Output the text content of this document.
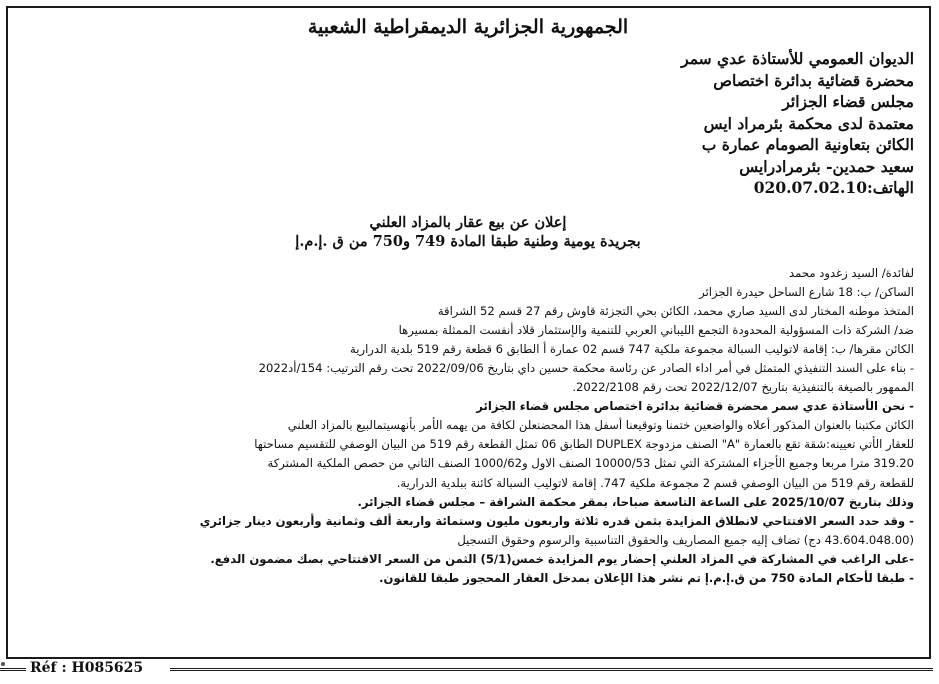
الجمهورية الجزائرية الديمقراطية الشعبية
الديوان العمومي للأستاذة عدي سمر
محضرة قضائية بدائرة اختصاص
مجلس قضاء الجزائر
معتمدة لدى محكمة بئرمراد ايس
الكائن بتعاونية الصومام عمارة ب
سعيد حمدين- بئرمرادرايس
الهاتف:020.07.02.10
إعلان عن بيع عقار بالمزاد العلني
بجريدة يومية وطنية طبقا المادة 749 و750 من ق .إ.م.إ

لفائدة/ السيد زغدود محمد

الساكن/ ب: 18 شارع الساحل حيدرة الجزائر

المتخذ موطنه المختار لدى السيد صاري محمد، الكائن بحي التجزئة قاوش رقم 27 قسم 52 الشراقة

ضد/ الشركة ذات المسؤولية المحدودة التجمع الليباني العربي للتنمية والإستثمار قلاد أنفست الممثلة بمسيرها

الكائن مقرها/ ب: إقامة لاتوليب السبالة مجموعة ملكية 747 قسم 02 عمارة أ الطابق 6 قطعة رقم 519 بلدية الدرارية

- بناء على السند التنفيذي المتمثل في أمر اداء الصادر عن رئاسة محكمة حسين داي بتاريخ 2022/09/06 تحت رقم الترتيب: 154/أد2022

الممهور بالصيغة بالتنفيذية بتاريخ 2022/12/07 تحت رقم 2022/2108.

- نحن الأستاذة عدي سمر محضرة قضائية بدائرة اختصاص مجلس قضاء الجزائر

الكائن مكتبنا بالعنوان المذكور أعلاه والواضعين ختمنا وتوقيعنا أسفل هذا المحضنعلن لكافة من يهمه الأمر بأنهسيتمالبيع بالمزاد العلني

للعقار الأتي تعيينه:شقة تقع بالعمارة "A" الصنف مزدوجة DUPLEX الطابق 06 تمثل القطعة رقم 519 من البيان الوصفي للتقسيم مساحتها

319.20 مترا مربعا وجميع الأجزاء المشتركة التي تمثل 10000/53 الصنف الاول و1000/62 الصنف الثاني من حصص الملكية المشتركة

للقطعة رقم 519 من البيان الوصفي قسم 2 مجموعة ملكية 747. إقامة لاتوليب السبالة كائنة ببلدية الدرارية.

وذلك بتاريخ 2025/10/07 على الساعة التاسعة صباحا، بمقر محكمة الشراقة – مجلس قضاء الجزائر.

- وقد حدد السعر الافتتاحي لانطلاق المزايدة بثمن قدره ثلاثة واربعون مليون وستمائة واربعة ألف وثمانية وأربعون دينار جزائري

(43.604.048.00 دج) تضاف إليه جميع المصاريف والحقوق التناسبية والرسوم وحقوق التسجيل

-على الراغب في المشاركة في المزاد العلني إحضار يوم المزايدة خمس(5/1) الثمن من السعر الافتتاحي بصك مضمون الدفع.

- طبقا لأحكام المادة 750 من ق.إ.م.إ تم نشر هذا الإعلان بمدخل العقار المحجوز طبقا للقانون.

Réf : H085625
